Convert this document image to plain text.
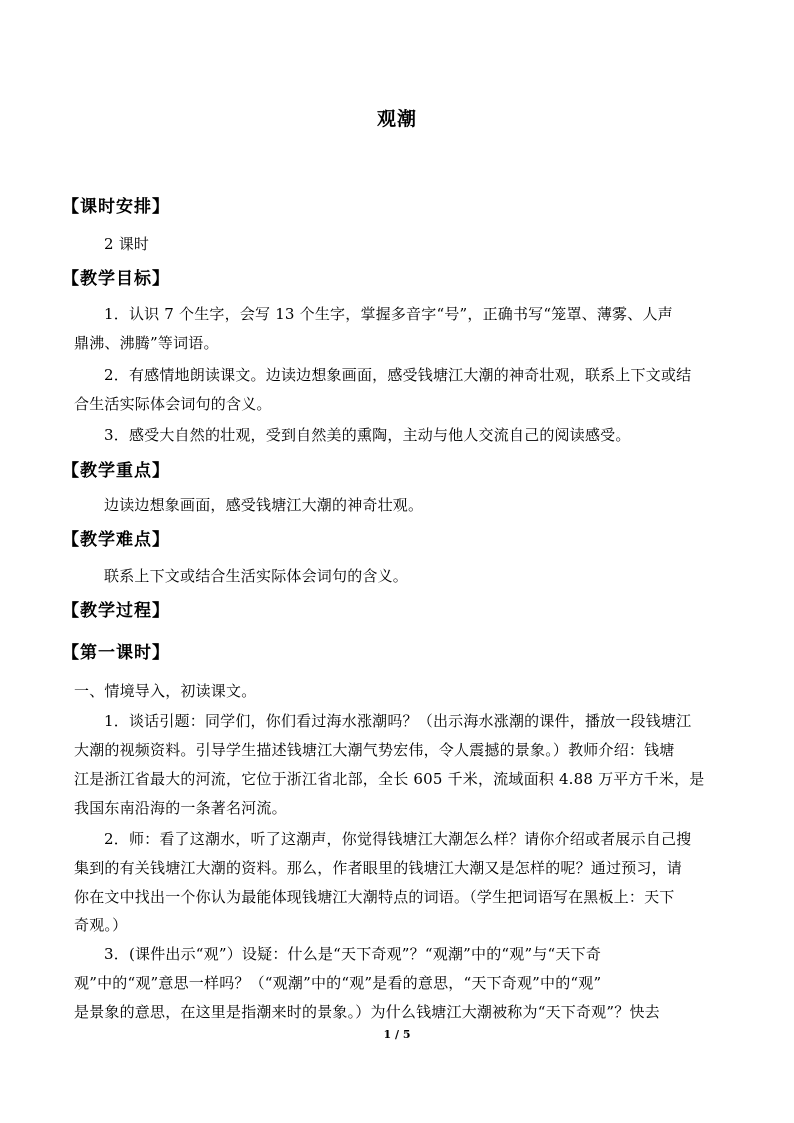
观潮
【课时安排】
2 课时
【教学目标】
1．认识 7 个生字，会写 13 个生字，掌握多音字“号”，正确书写“笼罩、薄雾、人声
鼎沸、沸腾”等词语。
2．有感情地朗读课文。边读边想象画面，感受钱塘江大潮的神奇壮观，联系上下文或结
合生活实际体会词句的含义。
3．感受大自然的壮观，受到自然美的熏陶，主动与他人交流自己的阅读感受。
【教学重点】
边读边想象画面，感受钱塘江大潮的神奇壮观。
【教学难点】
联系上下文或结合生活实际体会词句的含义。
【教学过程】
【第一课时】
一、情境导入，初读课文。
1．谈话引题：同学们，你们看过海水涨潮吗？（出示海水涨潮的课件，播放一段钱塘江
大潮的视频资料。引导学生描述钱塘江大潮气势宏伟，令人震撼的景象。）教师介绍：钱塘
江是浙江省最大的河流，它位于浙江省北部，全长 605 千米，流域面积 4.88 万平方千米，是
我国东南沿海的一条著名河流。
2．师：看了这潮水，听了这潮声，你觉得钱塘江大潮怎么样？请你介绍或者展示自己搜
集到的有关钱塘江大潮的资料。那么，作者眼里的钱塘江大潮又是怎样的呢？通过预习，请
你在文中找出一个你认为最能体现钱塘江大潮特点的词语。（学生把词语写在黑板上：天下
奇观。）
3．(课件出示“观”）设疑：什么是“天下奇观”？“观潮”中的“观”与“天下奇
观”中的“观”意思一样吗？（“观潮”中的“观”是看的意思，“天下奇观”中的“观”
是景象的意思，在这里是指潮来时的景象。）为什么钱塘江大潮被称为“天下奇观”？快去
1 / 5
